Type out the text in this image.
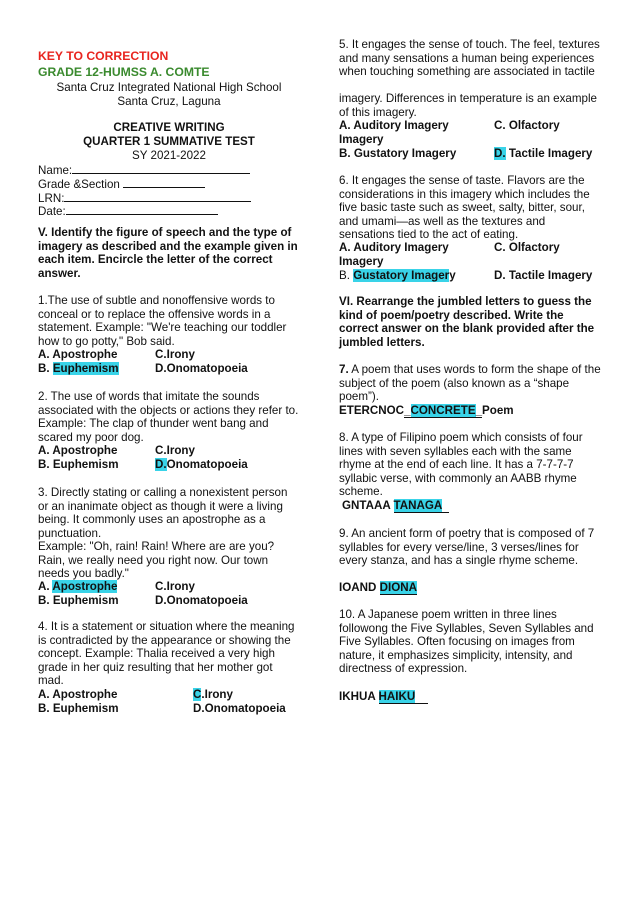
KEY TO CORRECTION
GRADE 12-HUMSS A. COMTE
Santa Cruz Integrated National High School
Santa Cruz, Laguna
CREATIVE WRITING
QUARTER 1 SUMMATIVE TEST
SY 2021-2022
Name:
Grade &Section
LRN:
Date:
V. Identify the figure of speech and the type of imagery as described and the example given in each item. Encircle the letter of the correct answer.
1.The use of subtle and nonoffensive words to conceal or to replace the offensive words in a statement. Example: "We're teaching our toddler how to go potty," Bob said.
A. Apostrophe	C.Irony
B. Euphemism	D.Onomatopoeia
2. The use of words that imitate the sounds associated with the objects or actions they refer to. Example: The clap of thunder went bang and scared my poor dog.
A. Apostrophe	C.Irony
B. Euphemism	D.Onomatopoeia
3. Directly stating or calling a nonexistent person or an inanimate object as though it were a living being. It commonly uses an apostrophe as a punctuation.
Example: "Oh, rain! Rain! Where are are you? Rain, we really need you right now. Our town needs you badly."
A. Apostrophe	C.Irony
B. Euphemism	D.Onomatopoeia
4. It is a statement or situation where the meaning is contradicted by the appearance or showing the concept. Example: Thalia received a very high grade in her quiz resulting that her mother got mad.
A. Apostrophe	C.Irony
B. Euphemism	D.Onomatopoeia
5. It engages the sense of touch. The feel, textures and many sensations a human being experiences when touching something are associated in tactile
imagery. Differences in temperature is an example of this imagery.
A. Auditory Imagery	C. Olfactory
Imagery
B. Gustatory Imagery	D. Tactile Imagery
6. It engages the sense of taste. Flavors are the considerations in this imagery which includes the five basic taste such as sweet, salty, bitter, sour, and umami—as well as the textures and sensations tied to the act of eating.
A. Auditory Imagery	C. Olfactory
Imagery
B. Gustatory Imagery	D. Tactile Imagery
VI. Rearrange the jumbled letters to guess the kind of poem/poetry described. Write the correct answer on the blank provided after the jumbled letters.
7. A poem that uses words to form the shape of the subject of the poem (also known as a “shape poem”).
ETERCNOC_CONCRETE_Poem
8. A type of Filipino poem which consists of four lines with seven syllables each with the same rhyme at the end of each line. It has a 7-7-7-7 syllabic verse, with commonly an AABB rhyme scheme.
GNTAAA TANAGA
9. An ancient form of poetry that is composed of 7 syllables for every verse/line, 3 verses/lines for every stanza, and has a single rhyme scheme.
IOAND DIONA
10. A Japanese poem written in three lines followong the Five Syllables, Seven Syllables and Five Syllables. Often focusing on images from nature, it emphasizes simplicity, intensity, and directness of expression.
IKHUA HAIKU
